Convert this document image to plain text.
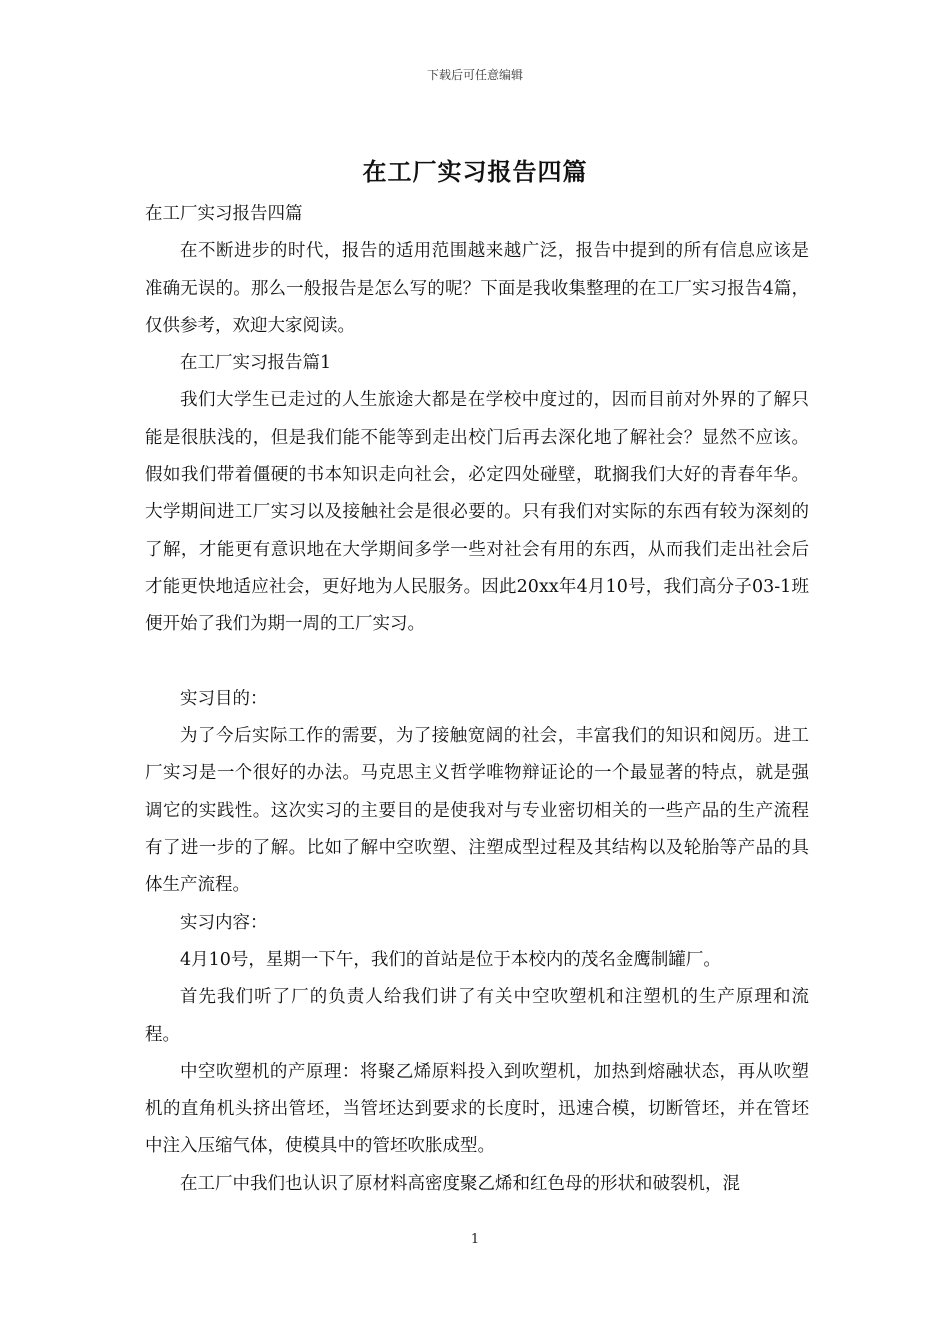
下载后可任意编辑
在工厂实习报告四篇

在工厂实习报告四篇

在不断进步的时代，报告的适用范围越来越广泛，报告中提到的所有信息应该是准确无误的。那么一般报告是怎么写的呢？下面是我收集整理的在工厂实习报告4篇，仅供参考，欢迎大家阅读。

在工厂实习报告篇1

我们大学生已走过的人生旅途大都是在学校中度过的，因而目前对外界的了解只能是很肤浅的，但是我们能不能等到走出校门后再去深化地了解社会？显然不应该。假如我们带着僵硬的书本知识走向社会，必定四处碰壁，耽搁我们大好的青春年华。大学期间进工厂实习以及接触社会是很必要的。只有我们对实际的东西有较为深刻的了解，才能更有意识地在大学期间多学一些对社会有用的东西，从而我们走出社会后才能更快地适应社会，更好地为人民服务。因此20xx年4月10号，我们高分子03-1班便开始了我们为期一周的工厂实习。

实习目的：

为了今后实际工作的需要，为了接触宽阔的社会，丰富我们的知识和阅历。进工厂实习是一个很好的办法。马克思主义哲学唯物辩证论的一个最显著的特点，就是强调它的实践性。这次实习的主要目的是使我对与专业密切相关的一些产品的生产流程有了进一步的了解。比如了解中空吹塑、注塑成型过程及其结构以及轮胎等产品的具体生产流程。

实习内容：

4月10号，星期一下午，我们的首站是位于本校内的茂名金鹰制罐厂。

首先我们听了厂的负责人给我们讲了有关中空吹塑机和注塑机的生产原理和流程。

中空吹塑机的产原理：将聚乙烯原料投入到吹塑机，加热到熔融状态，再从吹塑机的直角机头挤出管坯，当管坯达到要求的长度时，迅速合模，切断管坯，并在管坯中注入压缩气体，使模具中的管坯吹胀成型。

在工厂中我们也认识了原材料高密度聚乙烯和红色母的形状和破裂机，混

1
